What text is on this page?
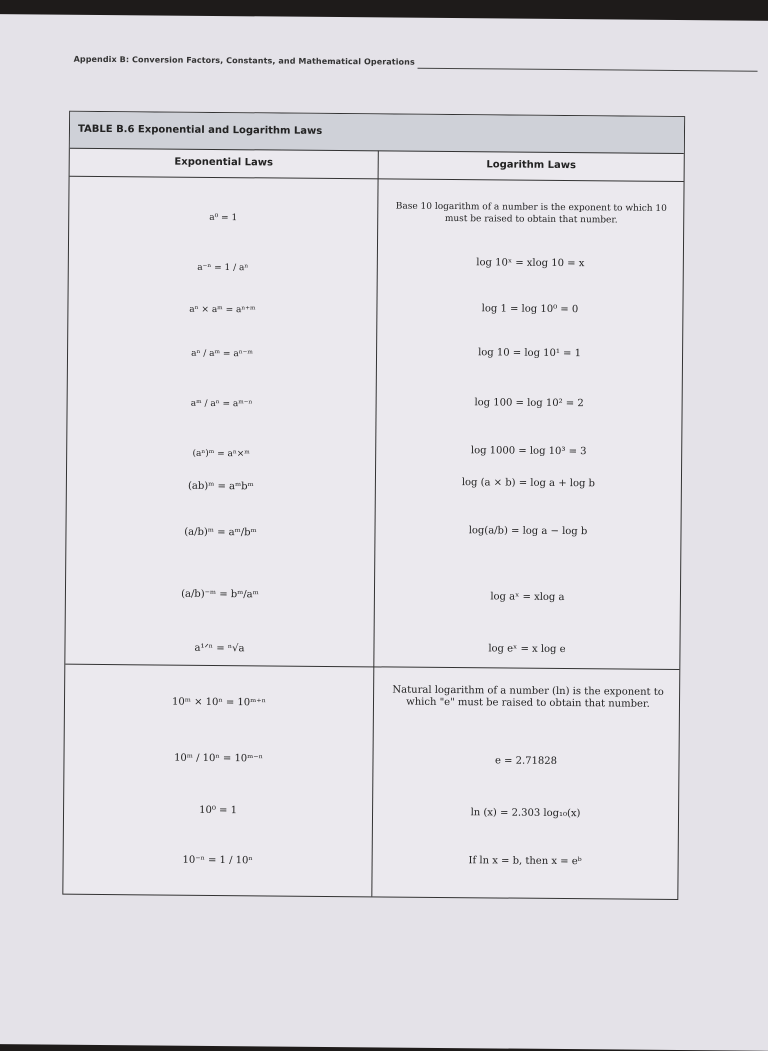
Appendix B: Conversion Factors, Constants, and Mathematical Operations
TABLE B.6 Exponential and Logarithm Laws
Exponential Laws	Logarithm Laws
a⁰ = 1
a⁻ⁿ = 1 / aⁿ
aⁿ × aᵐ = aⁿ⁺ᵐ
aⁿ / aᵐ = aⁿ⁻ᵐ
aᵐ / aⁿ = aᵐ⁻ⁿ
(aⁿ)ᵐ = aⁿ×ᵐ
(ab)ᵐ = aᵐbᵐ
(a/b)ᵐ = aᵐ/bᵐ
(a/b)⁻ᵐ = bᵐ/aᵐ
a¹ᐟⁿ = ⁿ√a
Base 10 logarithm of a number is the exponent to which 10 must be raised to obtain that number.
log 10ˣ = xlog 10 = x
log 1 = log 10⁰ = 0
log 10 = log 10¹ = 1
log 100 = log 10² = 2
log 1000 = log 10³ = 3
log (a × b) = log a + log b
log(a/b) = log a − log b
log aˣ = xlog a
log eˣ = x log e
10ᵐ × 10ⁿ = 10ᵐ⁺ⁿ
10ᵐ / 10ⁿ = 10ᵐ⁻ⁿ
10⁰ = 1
10⁻ⁿ = 1 / 10ⁿ
Natural logarithm of a number (ln) is the exponent to which "e" must be raised to obtain that number.
e = 2.71828
ln (x) = 2.303 log₁₀(x)
If ln x = b, then x = eᵇ
